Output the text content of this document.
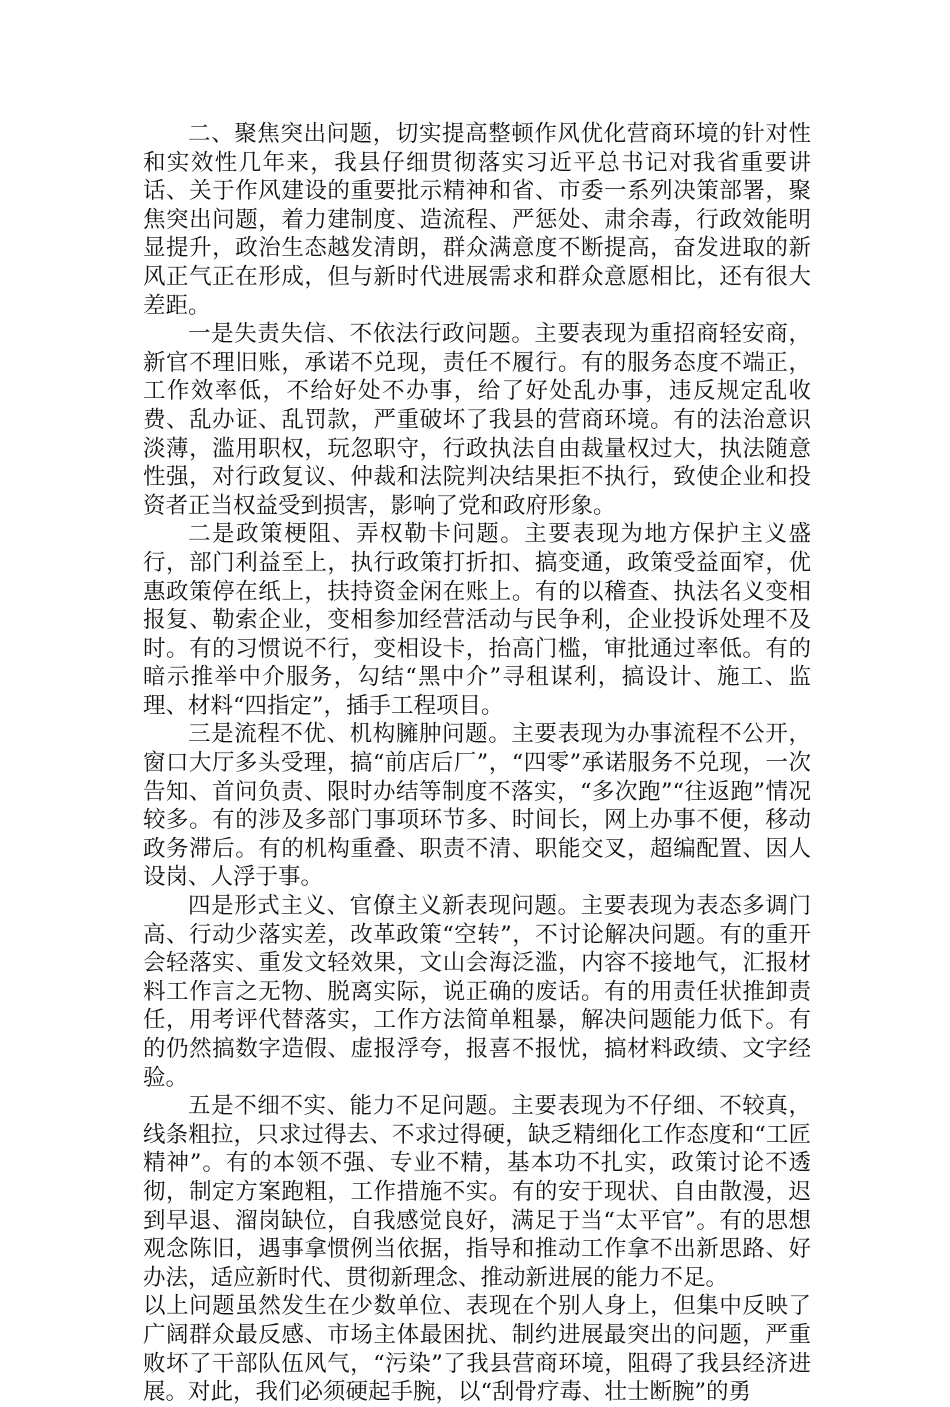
二、聚焦突出问题，切实提高整顿作风优化营商环境的针对性和实效性几年来，我县仔细贯彻落实习近平总书记对我省重要讲话、关于作风建设的重要批示精神和省、市委一系列决策部署，聚焦突出问题，着力建制度、造流程、严惩处、肃余毒，行政效能明显提升，政治生态越发清朗，群众满意度不断提高，奋发进取的新风正气正在形成，但与新时代进展需求和群众意愿相比，还有很大差距。

一是失责失信、不依法行政问题。主要表现为重招商轻安商，新官不理旧账，承诺不兑现，责任不履行。有的服务态度不端正，工作效率低，不给好处不办事，给了好处乱办事，违反规定乱收费、乱办证、乱罚款，严重破坏了我县的营商环境。有的法治意识淡薄，滥用职权，玩忽职守，行政执法自由裁量权过大，执法随意性强，对行政复议、仲裁和法院判决结果拒不执行，致使企业和投资者正当权益受到损害，影响了党和政府形象。

二是政策梗阻、弄权勒卡问题。主要表现为地方保护主义盛行，部门利益至上，执行政策打折扣、搞变通，政策受益面窄，优惠政策停在纸上，扶持资金闲在账上。有的以稽查、执法名义变相报复、勒索企业，变相参加经营活动与民争利，企业投诉处理不及时。有的习惯说不行，变相设卡，抬高门槛，审批通过率低。有的暗示推举中介服务，勾结“黑中介”寻租谋利，搞设计、施工、监理、材料“四指定”，插手工程项目。

三是流程不优、机构臃肿问题。主要表现为办事流程不公开，窗口大厅多头受理，搞“前店后厂”，“四零”承诺服务不兑现，一次告知、首问负责、限时办结等制度不落实，“多次跑”“往返跑”情况较多。有的涉及多部门事项环节多、时间长，网上办事不便，移动政务滞后。有的机构重叠、职责不清、职能交叉，超编配置、因人设岗、人浮于事。

四是形式主义、官僚主义新表现问题。主要表现为表态多调门高、行动少落实差，改革政策“空转”，不讨论解决问题。有的重开会轻落实、重发文轻效果，文山会海泛滥，内容不接地气，汇报材料工作言之无物、脱离实际，说正确的废话。有的用责任状推卸责任，用考评代替落实，工作方法简单粗暴，解决问题能力低下。有的仍然搞数字造假、虚报浮夸，报喜不报忧，搞材料政绩、文字经验。

五是不细不实、能力不足问题。主要表现为不仔细、不较真，线条粗拉，只求过得去、不求过得硬，缺乏精细化工作态度和“工匠精神”。有的本领不强、专业不精，基本功不扎实，政策讨论不透彻，制定方案跑粗，工作措施不实。有的安于现状、自由散漫，迟到早退、溜岗缺位，自我感觉良好，满足于当“太平官”。有的思想观念陈旧，遇事拿惯例当依据，指导和推动工作拿不出新思路、好办法，适应新时代、贯彻新理念、推动新进展的能力不足。

以上问题虽然发生在少数单位、表现在个别人身上，但集中反映了广阔群众最反感、市场主体最困扰、制约进展最突出的问题，严重败坏了干部队伍风气，“污染”了我县营商环境，阻碍了我县经济进展。对此，我们必须硬起手腕，以“刮骨疗毒、壮士断腕”的勇
